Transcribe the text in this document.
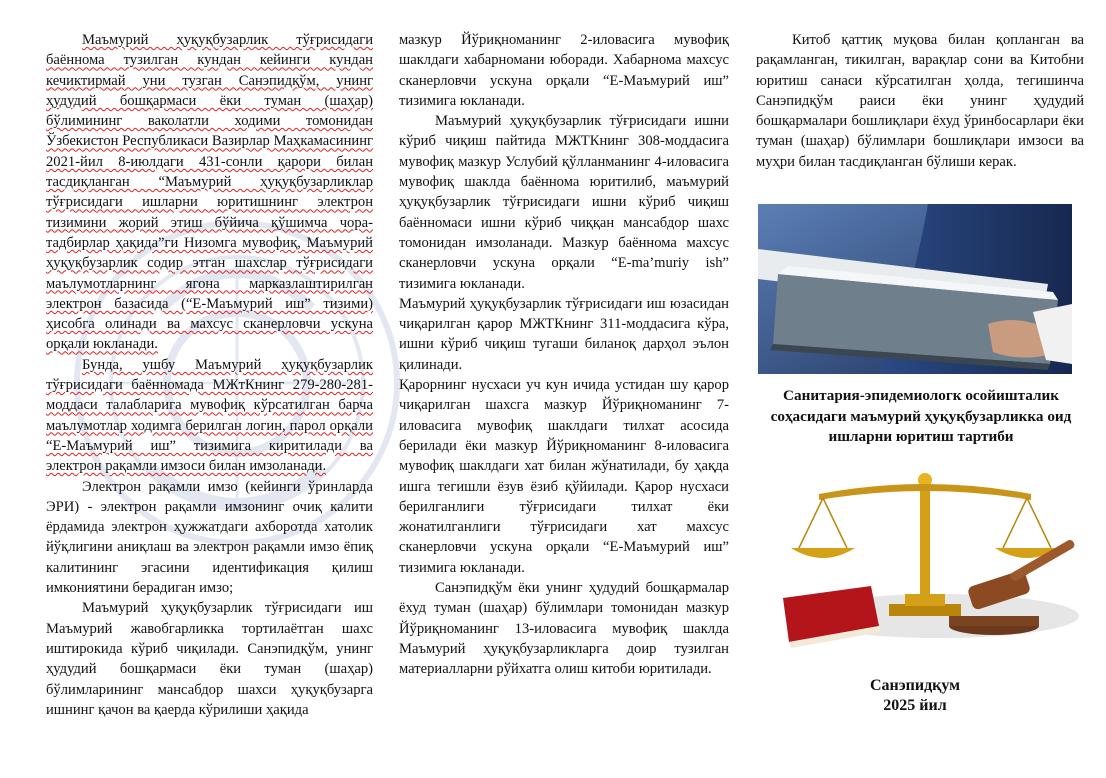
Маъмурий ҳуқуқбузарлик тўғрисидаги баённома тузилган кундан кейинги кундан кечиктирмай уни тузган Санэпидқўм, унинг ҳудудий бошқармаси ёки туман (шаҳар) бўлимининг ваколатли ходими томонидан Ўзбекистон Республикаси Вазирлар Маҳкамасининг 2021-йил 8-июлдаги 431-сонли қарори билан тасдиқланган “Маъмурий ҳуқуқбузарликлар тўғрисидаги ишларни юритишнинг электрон тизимини жорий этиш бўйича қўшимча чора-тадбирлар ҳақида”ги Низомга мувофиқ, Маъмурий ҳуқуқбузарлик содир этган шахслар тўғрисидаги маълумотларнинг ягона марказлаштирилган электрон базасида (“Е-Маъмурий иш” тизими) ҳисобга олинади ва махсус сканерловчи ускуна орқали юкланади.

Бунда, ушбу Маъмурий ҳуқуқбузарлик тўғрисидаги баённомада МЖтКнинг 279-280-281-моддаси талабларига мувофиқ кўрсатилган барча маълумотлар ходимга берилган логин, парол орқали “Е-Маъмурий иш” тизимига киритилади ва электрон рақамли имзоси билан имзоланади.

Электрон рақамли имзо (кейинги ўринларда ЭРИ) - электрон рақамли имзонинг очиқ калити ёрдамида электрон ҳужжатдаги ахборотда хатолик йўқлигини аниқлаш ва электрон рақамли имзо ёпиқ калитининг эгасини идентификация қилиш имкониятини берадиган имзо;

Маъмурий ҳуқуқбузарлик тўғрисидаги иш Маъмурий жавобгарликка тортилаётган шахс иштирокида кўриб чиқилади. Санэпидқўм, унинг ҳудудий бошқармаси ёки туман (шаҳар) бўлимларининг мансабдор шахси ҳуқуқбузарга ишнинг қачон ва қаерда кўрилиши ҳақида

мазкур Йўриқноманинг 2-иловасига мувофиқ шаклдаги хабарномани юборади. Хабарнома махсус сканерловчи ускуна орқали “Е-Маъмурий иш” тизимига юкланади.

Маъмурий ҳуқуқбузарлик тўғрисидаги ишни кўриб чиқиш пайтида МЖТКнинг 308-моддасига мувофиқ мазкур Услубий қўлланманинг 4-иловасига мувофиқ шаклда баённома юритилиб, маъмурий ҳуқуқбузарлик тўғрисидаги ишни кўриб чиқиш баённомаси ишни кўриб чиққан мансабдор шахс томонидан имзоланади. Мазкур баённома махсус сканерловчи ускуна орқали “E-ma’muriy ish” тизимига юкланади.

Маъмурий ҳуқуқбузарлик тўғрисидаги иш юзасидан чиқарилган қарор МЖТКнинг 311-моддасига кўра, ишни кўриб чиқиш тугаши биланоқ дарҳол эълон қилинади.

Қарорнинг нусхаси уч кун ичида устидан шу қарор чиқарилган шахсга мазкур Йўриқноманинг 7-иловасига мувофиқ шаклдаги тилхат асосида берилади ёки мазкур Йўриқноманинг 8-иловасига мувофиқ шаклдаги хат билан жўнатилади, бу ҳақда ишга тегишли ёзув ёзиб қўйилади. Қарор нусхаси берилганлиги тўғрисидаги тилхат ёки жонатилганлиги тўғрисидаги хат махсус сканерловчи ускуна орқали “Е-Маъмурий иш” тизимига юкланади.

Санэпидқўм ёки унинг ҳудудий бошқармалар ёхуд туман (шаҳар) бўлимлари томонидан мазкур Йўриқноманинг 13-иловасига мувофиқ шаклда Маъмурий ҳуқуқбузарликларга доир тузилган материалларни рўйхатга олиш китоби юритилади.

Китоб қаттиқ муқова билан қопланган ва рақамланган, тикилган, варақлар сони ва Китобни юритиш санаси кўрсатилган ҳолда, тегишинча Санэпидқўм раиси ёки унинг ҳудудий бошқармалари бошлиқлари ёхуд ўринбосарлари ёки туман (шаҳар) бўлимлари бошлиқлари имзоси ва муҳри билан тасдиқланган бўлиши керак.

Санитария-эпидемиологк осойишталик соҳасидаги маъмурий ҳуқуқбузарликка оид ишларни юритиш тартиби
Санэпидқум
2025 йил
